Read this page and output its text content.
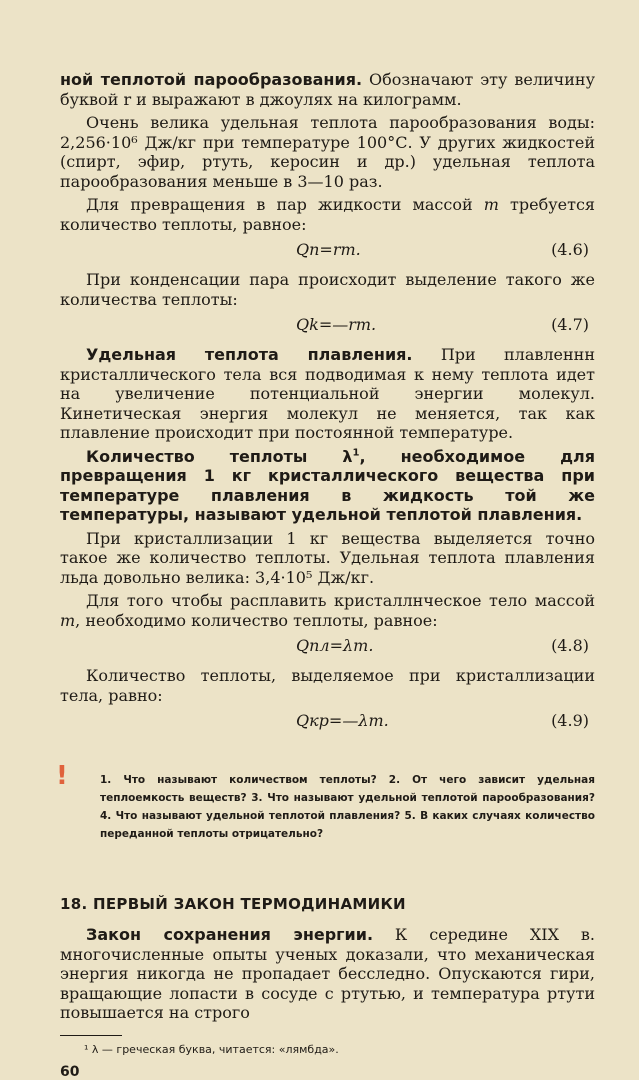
ной теплотой парообразования. Обозначают эту величину буквой r и выражают в джоулях на килограмм.

Очень велика удельная теплота парообразования воды: 2,256·10⁶ Дж/кг при температуре 100°С. У других жидкостей (спирт, эфир, ртуть, керосин и др.) удельная теплота парообразования меньше в 3—10 раз.

Для превращения в пар жидкости массой m требуется количество теплоты, равное:

Qп=rm.	(4.6)

При конденсации пара происходит выделение такого же количества теплоты:

Qk=—rm.	(4.7)

Удельная теплота плавления. При плавленнн кристаллического тела вся подводимая к нему теплота идет на увеличение потенциальной энергии молекул. Кинетическая энергия молекул не меняется, так как плавление происходит при постоянной температуре.

Количество теплоты $\lambda^1$, необходимое для превращения 1 кг кристаллического вещества при температуре плавления в жидкость той же температуры, называют удельной теплотой плавления.

При кристаллизации 1 кг вещества выделяется точно такое же количество теплоты. Удельная теплота плавления льда довольно велика: 3,4·10⁵ Дж/кг.

Для того чтобы расплавить кристаллнческое тело массой m, необходимо количество теплоты, равное:

Qпл=λm.	(4.8)

Количество теплоты, выделяемое при кристаллизации тела, равно:

Qкр=—λm.	(4.9)
!	1. Что называют количеством теплоты? 2. От чего зависит удельная теплоемкость веществ? 3. Что называют удельной теплотой парообразования? 4. Что называют удельной теплотой плавления? 5. В каких случаях количество переданной теплоты отрицательно?
18. ПЕРВЫЙ ЗАКОН ТЕРМОДИНАМИКИ

Закон сохранения энергии. К середине XIX в. многочисленные опыты ученых доказали, что механическая энергия никогда не пропадает бесследно. Опускаются гири, вращающие лопасти в сосуде с ртутью, и температура ртути повышается на строго

¹ λ — греческая буква, читается: «лямбда».
60
